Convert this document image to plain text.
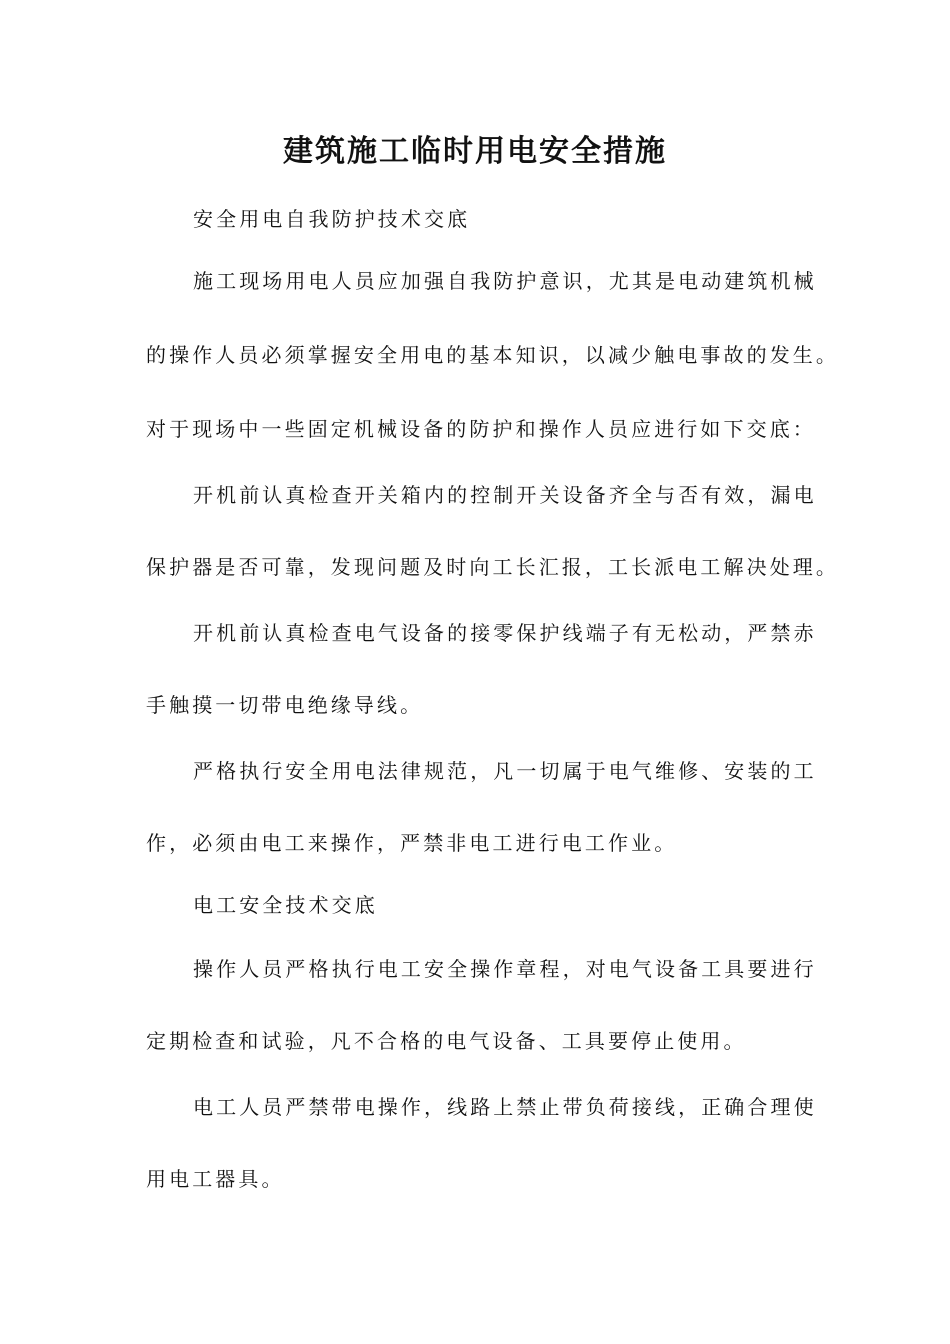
建筑施工临时用电安全措施
安全用电自我防护技术交底
施工现场用电人员应加强自我防护意识，尤其是电动建筑机械
的操作人员必须掌握安全用电的基本知识，以减少触电事故的发生。
对于现场中一些固定机械设备的防护和操作人员应进行如下交底：
开机前认真检查开关箱内的控制开关设备齐全与否有效，漏电
保护器是否可靠，发现问题及时向工长汇报，工长派电工解决处理。
开机前认真检查电气设备的接零保护线端子有无松动，严禁赤
手触摸一切带电绝缘导线。
严格执行安全用电法律规范，凡一切属于电气维修、安装的工
作，必须由电工来操作，严禁非电工进行电工作业。
电工安全技术交底
操作人员严格执行电工安全操作章程，对电气设备工具要进行
定期检查和试验，凡不合格的电气设备、工具要停止使用。
电工人员严禁带电操作，线路上禁止带负荷接线，正确合理使
用电工器具。
